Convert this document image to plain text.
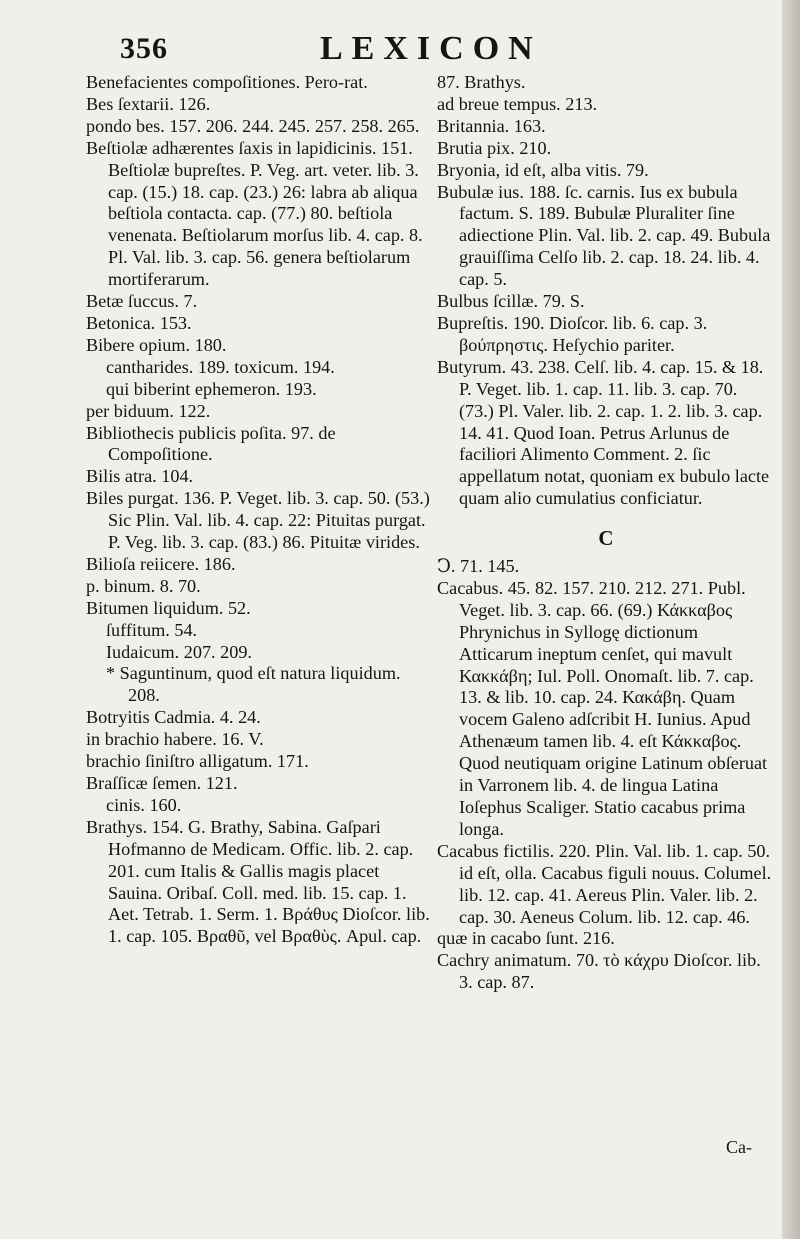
356	LEXICON

Benefacientes compoſitiones. Pero-rat.

Bes ſextarii. 126.

pondo bes. 157. 206. 244. 245. 257. 258. 265.

Beſtiolæ adhærentes ſaxis in lapidicinis. 151. Beſtiolæ bupreſtes. P. Veg. art. veter. lib. 3. cap. (15.) 18. cap. (23.) 26: labra ab aliqua beſtiola contacta. cap. (77.) 80. beſtiola venenata. Beſtiolarum morſus lib. 4. cap. 8. Pl. Val. lib. 3. cap. 56. genera beſtiolarum mortiferarum.

Betæ ſuccus. 7.

Betonica. 153.

Bibere opium. 180.

cantharides. 189. toxicum. 194.

qui biberint ephemeron. 193.

per biduum. 122.

Bibliothecis publicis poſita. 97. de Compoſitione.

Bilis atra. 104.

Biles purgat. 136. P. Veget. lib. 3. cap. 50. (53.) Sic Plin. Val. lib. 4. cap. 22: Pituitas purgat. P. Veg. lib. 3. cap. (83.) 86. Pituitæ virides.

Bilioſa reiicere. 186.

p. binum. 8. 70.

Bitumen liquidum. 52.

ſuffitum. 54.

Iudaicum. 207. 209.

* Saguntinum, quod eſt natura liquidum. 208.

Botryitis Cadmia. 4. 24.

in brachio habere. 16. V.

brachio ſiniſtro alligatum. 171.

Braſſicæ ſemen. 121.

cinis. 160.

Brathys. 154. G. Brathy, Sabina. Gaſpari Hofmanno de Medicam. Offic. lib. 2. cap. 201. cum Italis & Gallis magis placet Sauina. Oribaſ. Coll. med. lib. 15. cap. 1. Aet. Tetrab. 1. Serm. 1. Βράθυς Dioſcor. lib. 1. cap. 105. Βραθῦ, vel Βραθὺς. Apul. cap.

87. Brathys.

ad breue tempus. 213.

Britannia. 163.

Brutia pix. 210.

Bryonia, id eſt, alba vitis. 79.

Bubulæ ius. 188. ſc. carnis. Ius ex bubula factum. S. 189. Bubulæ Pluraliter ſine adiectione Plin. Val. lib. 2. cap. 49. Bubula grauiſſima Celſo lib. 2. cap. 18. 24. lib. 4. cap. 5.

Bulbus ſcillæ. 79. S.

Bupreſtis. 190. Dioſcor. lib. 6. cap. 3. βούπρηστις. Heſychio pariter.

Butyrum. 43. 238. Celſ. lib. 4. cap. 15. & 18. P. Veget. lib. 1. cap. 11. lib. 3. cap. 70. (73.) Pl. Valer. lib. 2. cap. 1. 2. lib. 3. cap. 14. 41. Quod Ioan. Petrus Arlunus de faciliori Alimento Comment. 2. ſic appellatum notat, quoniam ex bubulo lacte quam alio cumulatius conficiatur.

C

Ↄ. 71. 145.

Cacabus. 45. 82. 157. 210. 212. 271. Publ. Veget. lib. 3. cap. 66. (69.) Κάκκαβος Phrynichus in Syllogę dictionum Atticarum ineptum cenſet, qui mavult Κακκάβη; Iul. Poll. Onomaſt. lib. 7. cap. 13. & lib. 10. cap. 24. Κακάβη. Quam vocem Galeno adſcribit H. Iunius. Apud Athenæum tamen lib. 4. eſt Κάκκαβος. Quod neutiquam origine Latinum obſeruat in Varronem lib. 4. de lingua Latina Ioſephus Scaliger. Statio cacabus prima longa.

Cacabus fictilis. 220. Plin. Val. lib. 1. cap. 50. id eſt, olla. Cacabus figuli nouus. Columel. lib. 12. cap. 41. Aereus Plin. Valer. lib. 2. cap. 30. Aeneus Colum. lib. 12. cap. 46.

quæ in cacabo ſunt. 216.

Cachry animatum. 70. τὸ κάχρυ Dioſcor. lib. 3. cap. 87.

Ca-
